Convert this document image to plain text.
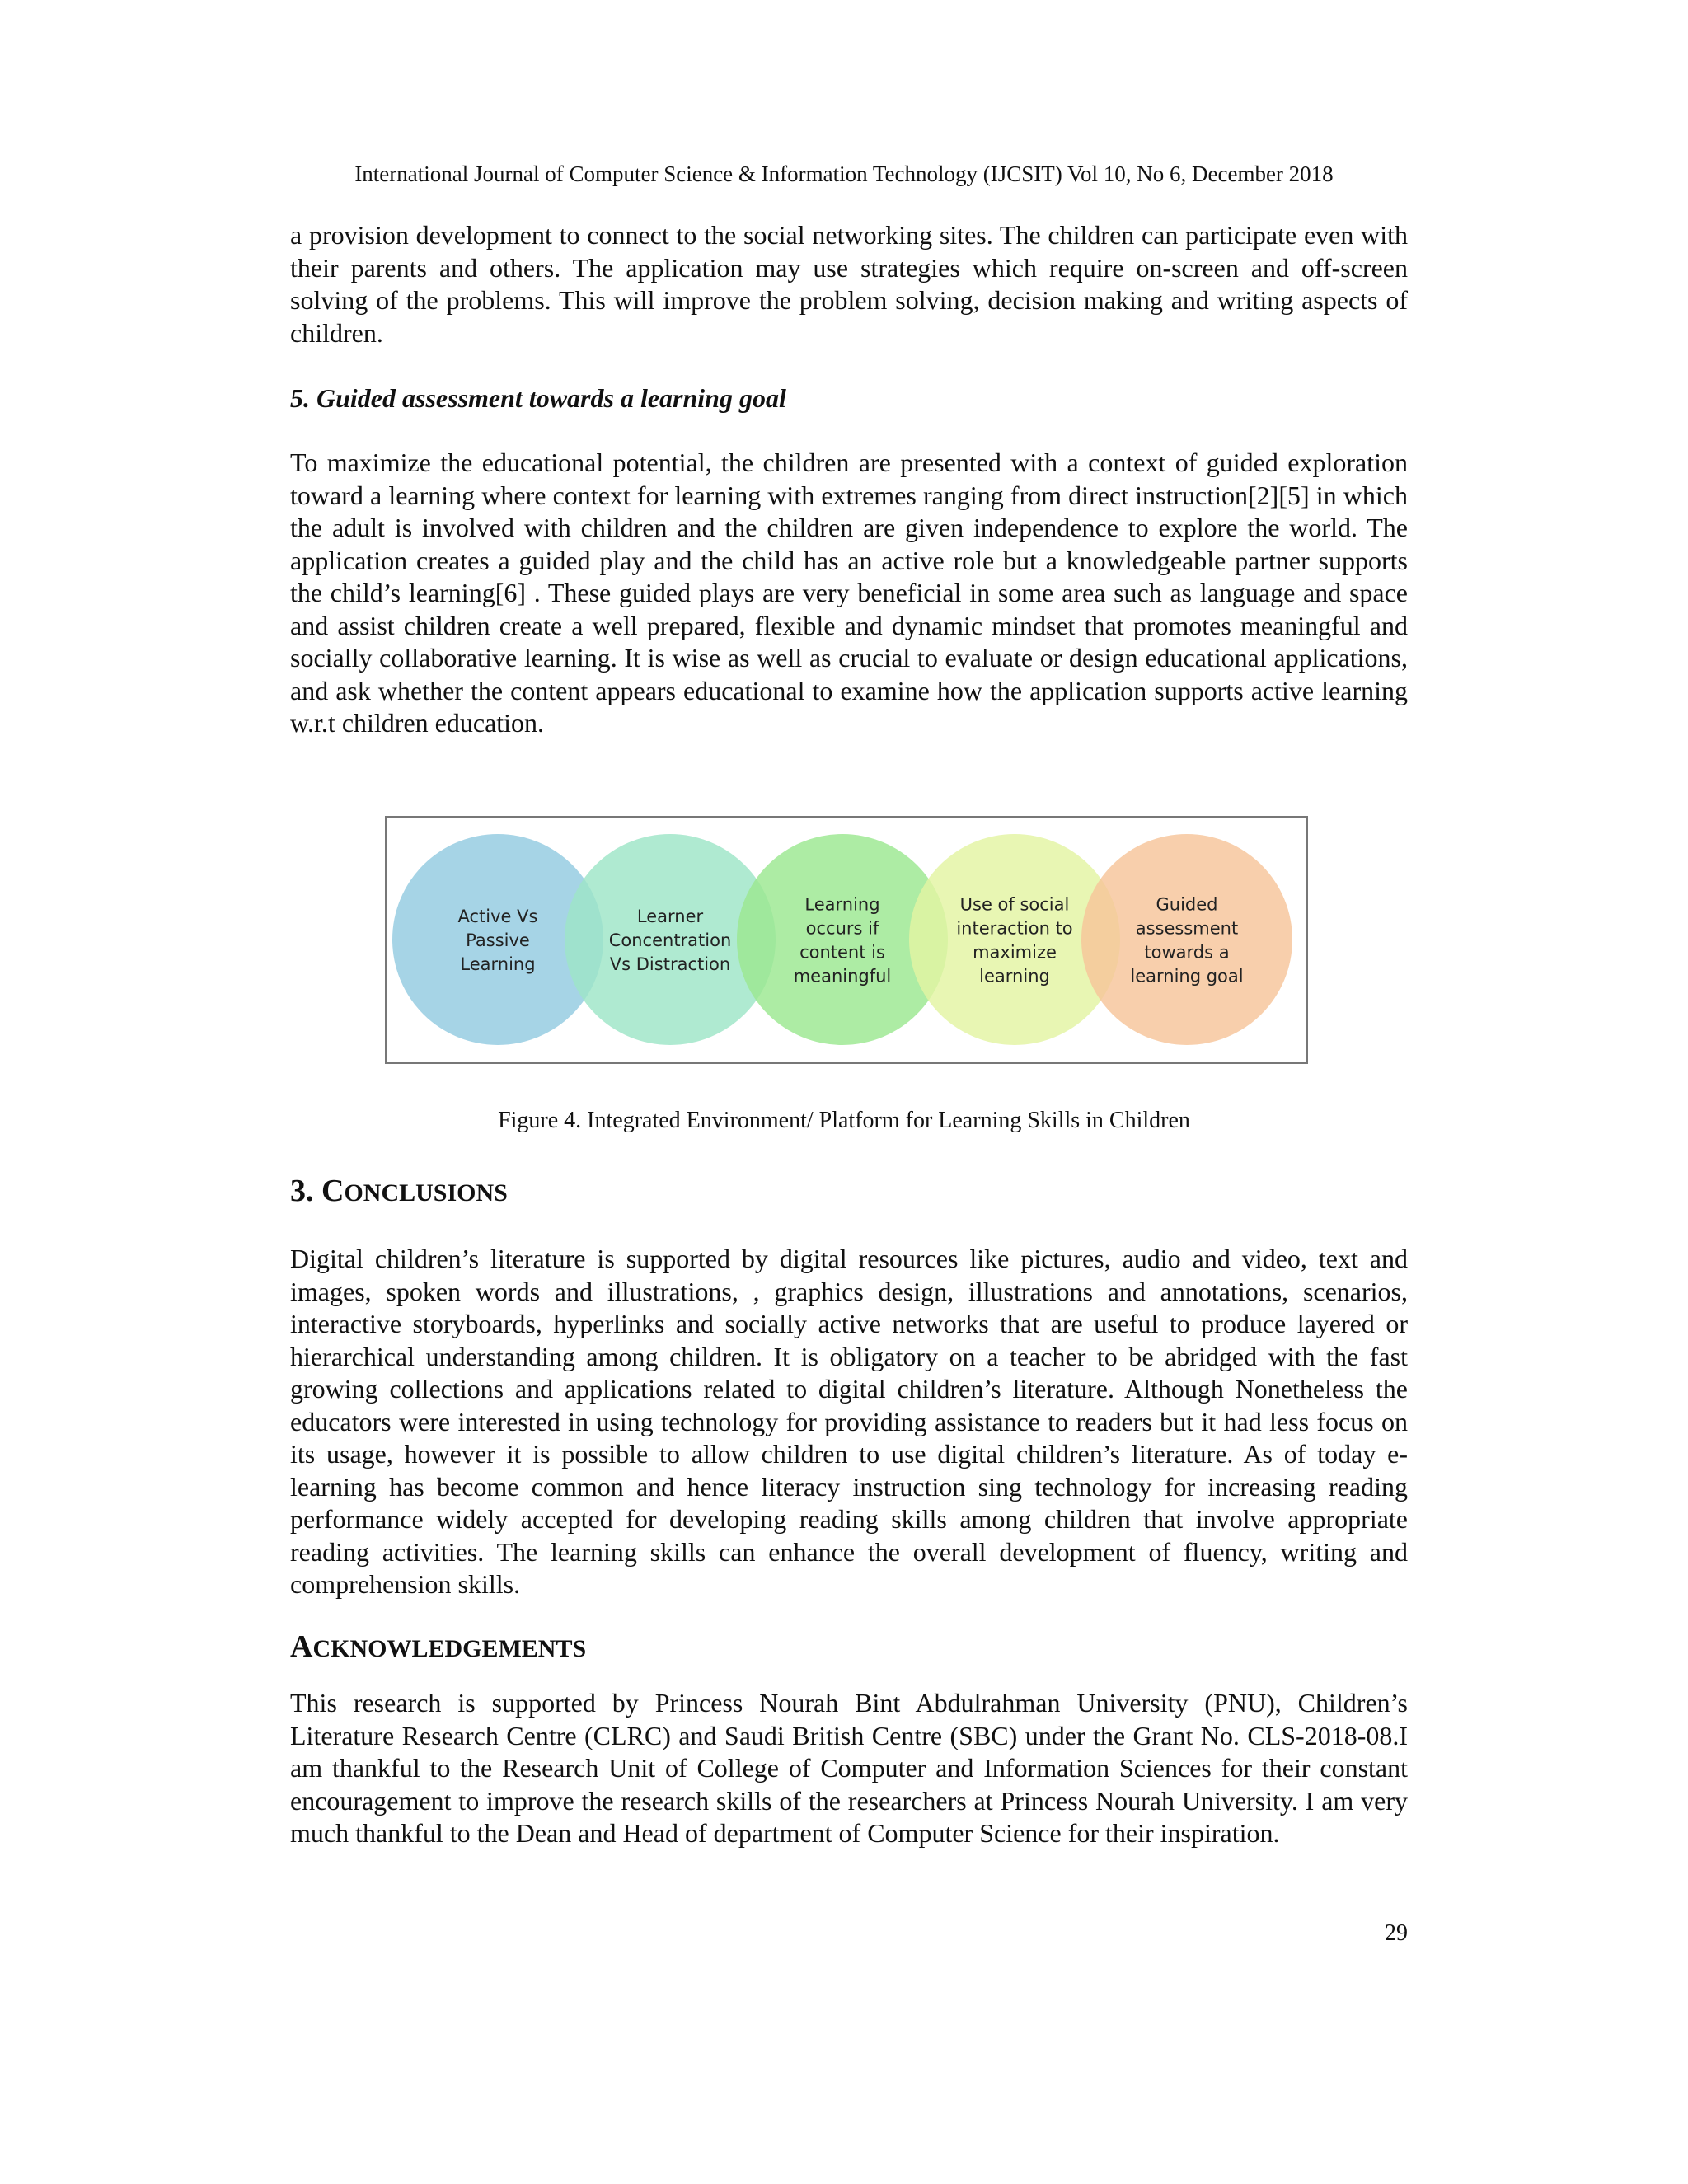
International Journal of Computer Science & Information Technology (IJCSIT) Vol 10, No 6, December 2018

a provision development to connect to the social networking sites. The children can participate even with their parents and others. The application may use strategies which require on-screen and off-screen solving of the problems. This will improve the problem solving, decision making and writing aspects of children.

5. Guided assessment towards a learning goal

To maximize the educational potential, the children are presented with a context of guided exploration toward a learning where context for learning with extremes ranging from direct instruction[2][5] in which the adult is involved with children and the children are given independence to explore the world. The application creates a guided play and the child has an active role but a knowledgeable partner supports the child’s learning[6] . These guided plays are very beneficial in some area such as language and space and assist children create a well prepared, flexible and dynamic mindset that promotes meaningful and socially collaborative learning. It is wise as well as crucial to evaluate or design educational applications, and ask whether the content appears educational to examine how the application supports active learning w.r.t children education.

Active Vs
Passive
Learning
Learner
Concentration
Vs Distraction
Learning
occurs if
content is
meaningful
Use of social
interaction to
maximize
learning
Guided
assessment
towards a
learning goal
Figure 4. Integrated Environment/ Platform for Learning Skills in Children

3. CONCLUSIONS

Digital children’s literature is supported by digital resources like pictures, audio and video, text and images, spoken words and illustrations, , graphics design, illustrations and annotations, scenarios, interactive storyboards, hyperlinks and socially active networks that are useful to produce layered or hierarchical understanding among children. It is obligatory on a teacher to be abridged with the fast growing collections and applications related to digital children’s literature. Although Nonetheless the educators were interested in using technology for providing assistance to readers but it had less focus on its usage, however it is possible to allow children to use digital children’s literature. As of today e-learning has become common and hence literacy instruction sing technology for increasing reading performance widely accepted for developing reading skills among children that involve appropriate reading activities. The learning skills can enhance the overall development of fluency, writing and comprehension skills.

ACKNOWLEDGEMENTS

This research is supported by Princess Nourah Bint Abdulrahman University (PNU), Children’s Literature Research Centre (CLRC) and Saudi British Centre (SBC) under the Grant No. CLS-2018-08.I am thankful to the Research Unit of College of Computer and Information Sciences for their constant encouragement to improve the research skills of the researchers at Princess Nourah University. I am very much thankful to the Dean and Head of department of Computer Science for their inspiration.

29
